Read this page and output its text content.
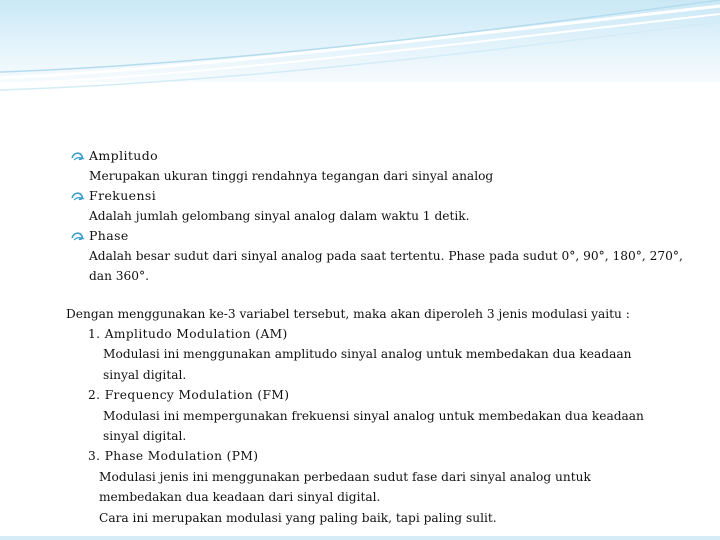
Amplitudo
Merupakan ukuran tinggi rendahnya tegangan dari sinyal analog
Frekuensi
Adalah jumlah gelombang sinyal analog dalam waktu 1 detik.
Phase
Adalah besar sudut dari sinyal analog pada saat tertentu. Phase pada sudut 0°, 90°, 180°, 270°, dan 360°.
Dengan menggunakan ke-3 variabel tersebut, maka akan diperoleh 3 jenis modulasi yaitu :
1. Amplitudo Modulation (AM)
Modulasi ini menggunakan amplitudo sinyal analog untuk membedakan dua keadaan
sinyal digital.
2. Frequency Modulation (FM)
Modulasi ini mempergunakan frekuensi sinyal analog untuk membedakan dua keadaan
sinyal digital.
3. Phase Modulation (PM)
Modulasi jenis ini menggunakan perbedaan sudut fase dari sinyal analog untuk
membedakan dua keadaan dari sinyal digital.
Cara ini merupakan modulasi yang paling baik, tapi paling sulit.
